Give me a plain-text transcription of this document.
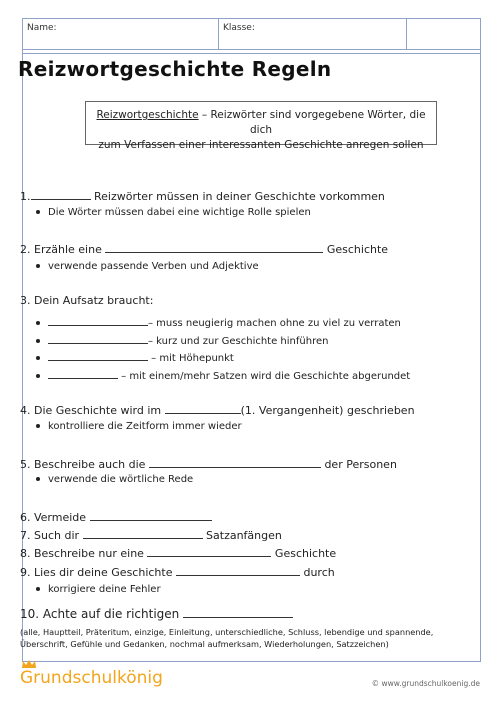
Name:	Klasse:
Reizwortgeschichte Regeln
Reizwortgeschichte – Reizwörter sind vorgegebene Wörter, die dich
zum Verfassen einer interessanten Geschichte anregen sollen
1.	Reizwörter müssen in deiner Geschichte vorkommen
Die Wörter müssen dabei eine wichtige Rolle spielen
2. Erzähle eine	Geschichte
verwende passende Verben und Adjektive
3. Dein Aufsatz braucht:
– muss neugierig machen ohne zu viel zu verraten
– kurz und zur Geschichte hinführen
– mit Höhepunkt
– mit einem/mehr Satzen wird die Geschichte abgerundet
4. Die Geschichte wird im	(1. Vergangenheit) geschrieben
kontrolliere die Zeitform immer wieder
5. Beschreibe auch die	der Personen
verwende die wörtliche Rede
6. Vermeide
7. Such dir	Satzanfängen
8. Beschreibe nur eine	Geschichte
9. Lies dir deine Geschichte	durch
korrigiere deine Fehler
10. Achte auf die richtigen
(alle, Hauptteil, Präteritum, einzige, Einleitung, unterschiedliche, Schluss, lebendige und spannende,
Überschrift, Gefühle und Gedanken, nochmal aufmerksam, Wiederholungen, Satzzeichen)
Grundschulkönig	© www.grundschulkoenig.de
